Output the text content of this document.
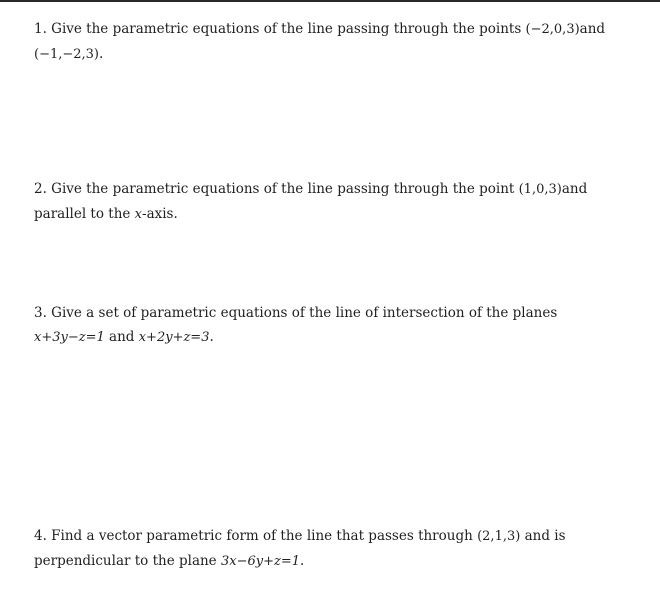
1. Give the parametric equations of the line passing through the points (−2,0,3)and
(−1,−2,3).
2. Give the parametric equations of the line passing through the point (1,0,3)and
parallel to the x-axis.
3. Give a set of parametric equations of the line of intersection of the planes
x+3y−z=1 and x+2y+z=3.
4. Find a vector parametric form of the line that passes through (2,1,3) and is
perpendicular to the plane 3x−6y+z=1.
